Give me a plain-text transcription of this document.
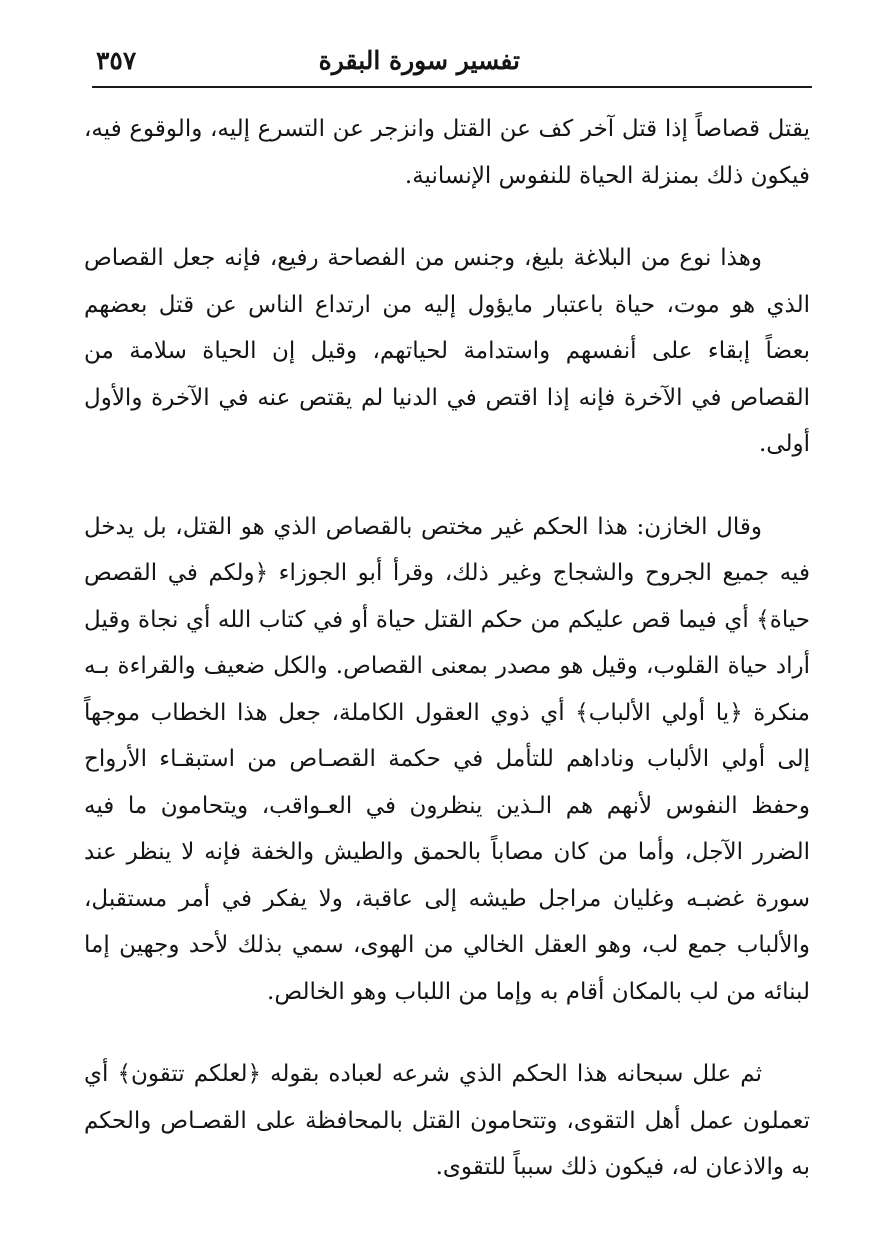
تفسير سورة البقرة
٣٥٧

يقتل قصاصاً إذا قتل آخر كف عن القتل وانزجر عن التسرع إليه، والوقوع فيه، فيكون ذلك بمنزلة الحياة للنفوس الإنسانية.

وهذا نوع من البلاغة بليغ، وجنس من الفصاحة رفيع، فإنه جعل القصاص الذي هو موت، حياة باعتبار مايؤول إليه من ارتداع الناس عن قتل بعضهم بعضاً إبقاء على أنفسهم واستدامة لحياتهم، وقيل إن الحياة سلامة من القصاص في الآخرة فإنه إذا اقتص في الدنيا لم يقتص عنه في الآخرة والأول أولى.

وقال الخازن: هذا الحكم غير مختص بالقصاص الذي هو القتل، بل يدخل فيه جميع الجروح والشجاج وغير ذلك، وقرأ أبو الجوزاء ﴿ولكم في القصص حياة﴾ أي فيما قص عليكم من حكم القتل حياة أو في كتاب الله أي نجاة وقيل أراد حياة القلوب، وقيل هو مصدر بمعنى القصاص. والكل ضعيف والقراءة بـه منكرة ﴿يا أولي الألباب﴾ أي ذوي العقول الكاملة، جعل هذا الخطاب موجهاً إلى أولي الألباب وناداهم للتأمل في حكمة القصـاص من استبقـاء الأرواح وحفظ النفوس لأنهم هم الـذين ينظرون في العـواقب، ويتحامون ما فيه الضرر الآجل، وأما من كان مصاباً بالحمق والطيش والخفة فإنه لا ينظر عند سورة غضبـه وغليان مراجل طيشه إلى عاقبة، ولا يفكر في أمر مستقبل، والألباب جمع لب، وهو العقل الخالي من الهوى، سمي بذلك لأحد وجهين إما لبنائه من لب بالمكان أقام به وإما من اللباب وهو الخالص.

ثم علل سبحانه هذا الحكم الذي شرعه لعباده بقوله ﴿لعلكم تتقون﴾ أي تعملون عمل أهل التقوى، وتتحامون القتل بالمحافظة على القصـاص والحكم به والاذعان له، فيكون ذلك سبباً للتقوى.
